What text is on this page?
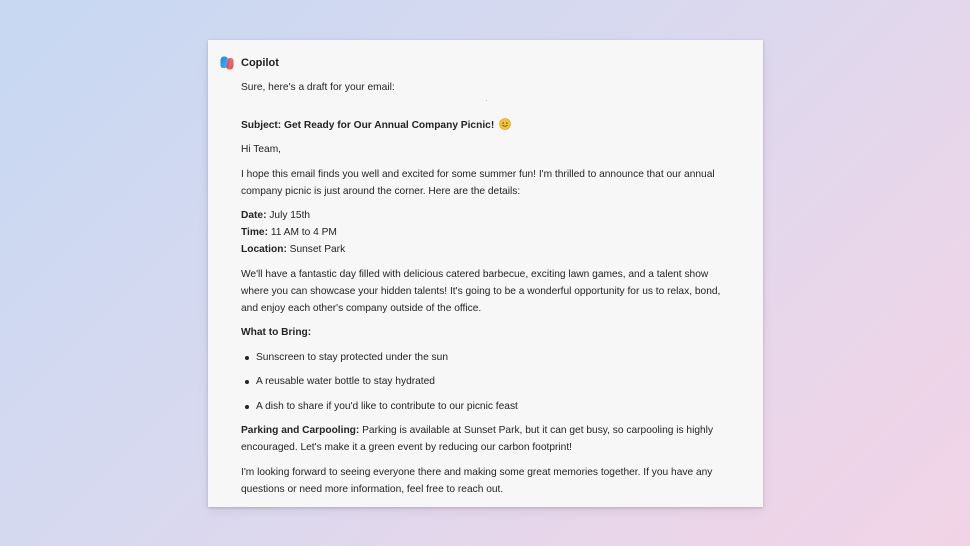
Copilot

Sure, here's a draft for your email:

Subject: Get Ready for Our Annual Company Picnic!

Hi Team,

I hope this email finds you well and excited for some summer fun! I'm thrilled to announce that our annual company picnic is just around the corner. Here are the details:

Date: July 15th
Time: 11 AM to 4 PM
Location: Sunset Park

We'll have a fantastic day filled with delicious catered barbecue, exciting lawn games, and a talent show where you can showcase your hidden talents! It's going to be a wonderful opportunity for us to relax, bond, and enjoy each other's company outside of the office.

What to Bring:

Sunscreen to stay protected under the sun
A reusable water bottle to stay hydrated
A dish to share if you'd like to contribute to our picnic feast

Parking and Carpooling: Parking is available at Sunset Park, but it can get busy, so carpooling is highly encouraged. Let's make it a green event by reducing our carbon footprint!

I'm looking forward to seeing everyone there and making some great memories together. If you have any questions or need more information, feel free to reach out.
